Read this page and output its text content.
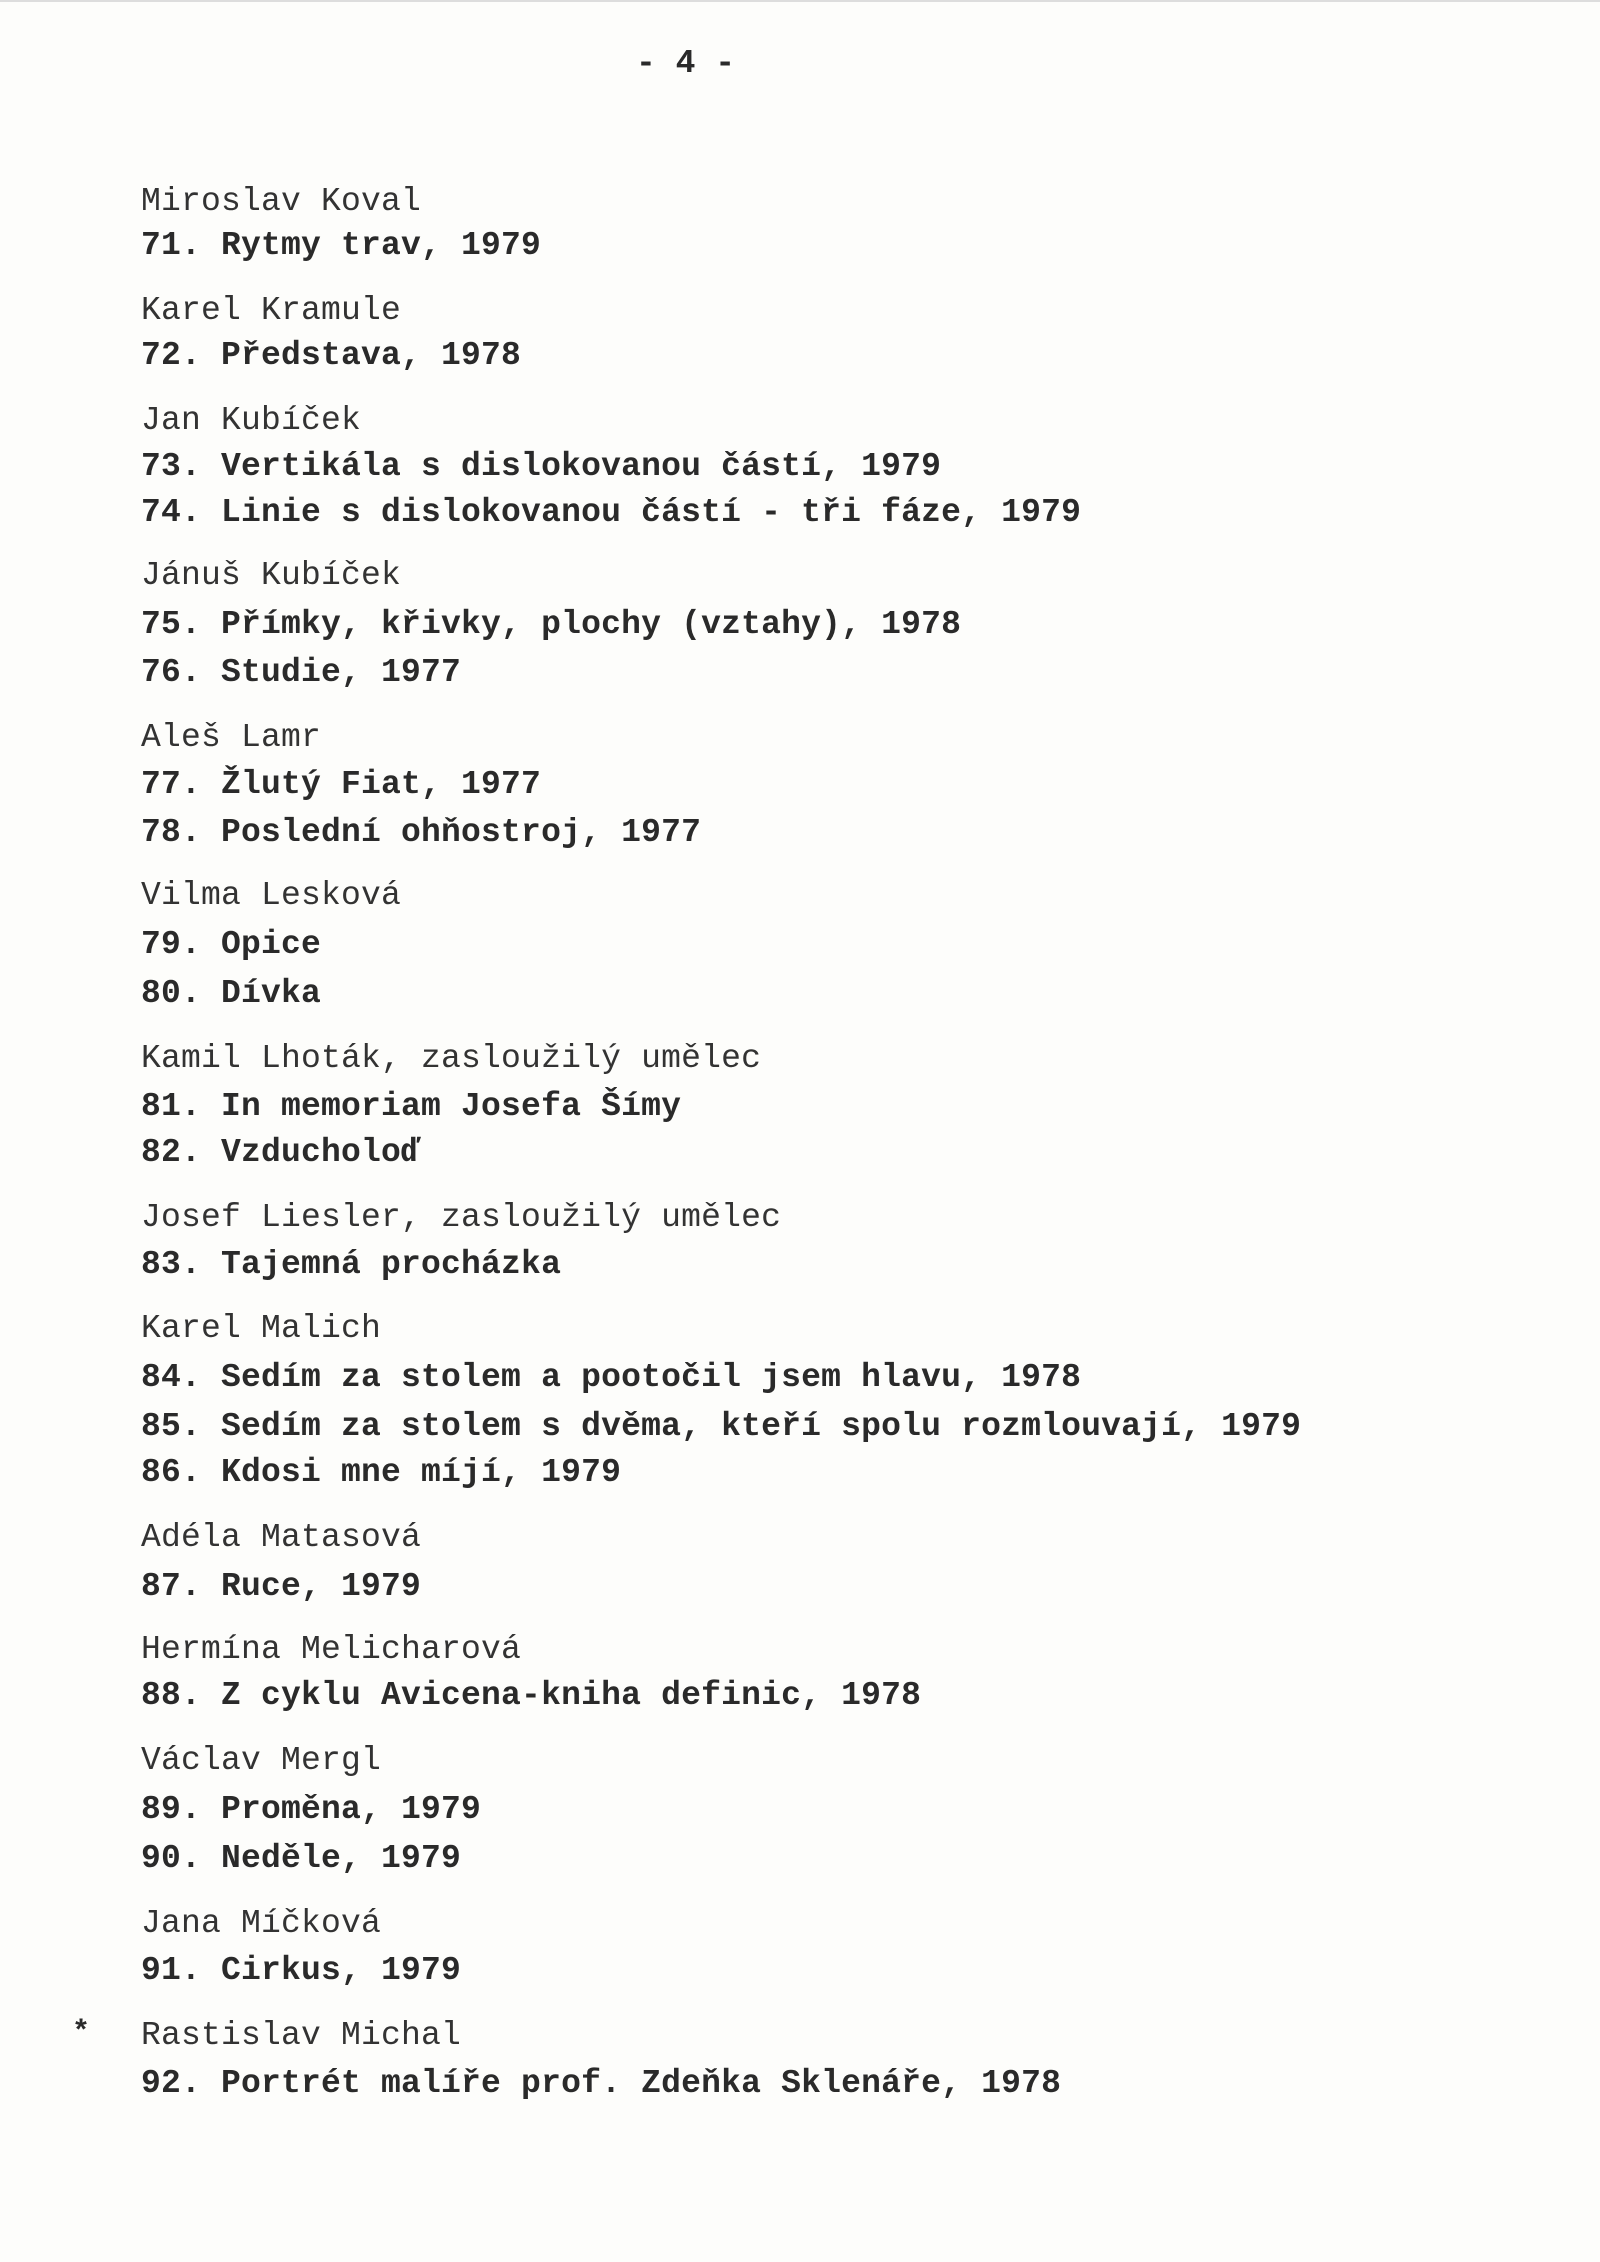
- 4 -
*
Miroslav Koval
71. Rytmy trav, 1979
Karel Kramule
72. Představa, 1978
Jan Kubíček
73. Vertikála s dislokovanou částí, 1979
74. Linie s dislokovanou částí - tři fáze, 1979
Jánuš Kubíček
75. Přímky, křivky, plochy (vztahy), 1978
76. Studie, 1977
Aleš Lamr
77. Žlutý Fiat, 1977
78. Poslední ohňostroj, 1977
Vilma Lesková
79. Opice
80. Dívka
Kamil Lhoták, zasloužilý umělec
81. In memoriam Josefa Šímy
82. Vzducholoď
Josef Liesler, zasloužilý umělec
83. Tajemná procházka
Karel Malich
84. Sedím za stolem a pootočil jsem hlavu, 1978
85. Sedím za stolem s dvěma, kteří spolu rozmlouvají, 1979
86. Kdosi mne míjí, 1979
Adéla Matasová
87. Ruce, 1979
Hermína Melicharová
88. Z cyklu Avicena-kniha definic, 1978
Václav Mergl
89. Proměna, 1979
90. Neděle, 1979
Jana Míčková
91. Cirkus, 1979
Rastislav Michal
92. Portrét malíře prof. Zdeňka Sklenáře, 1978
